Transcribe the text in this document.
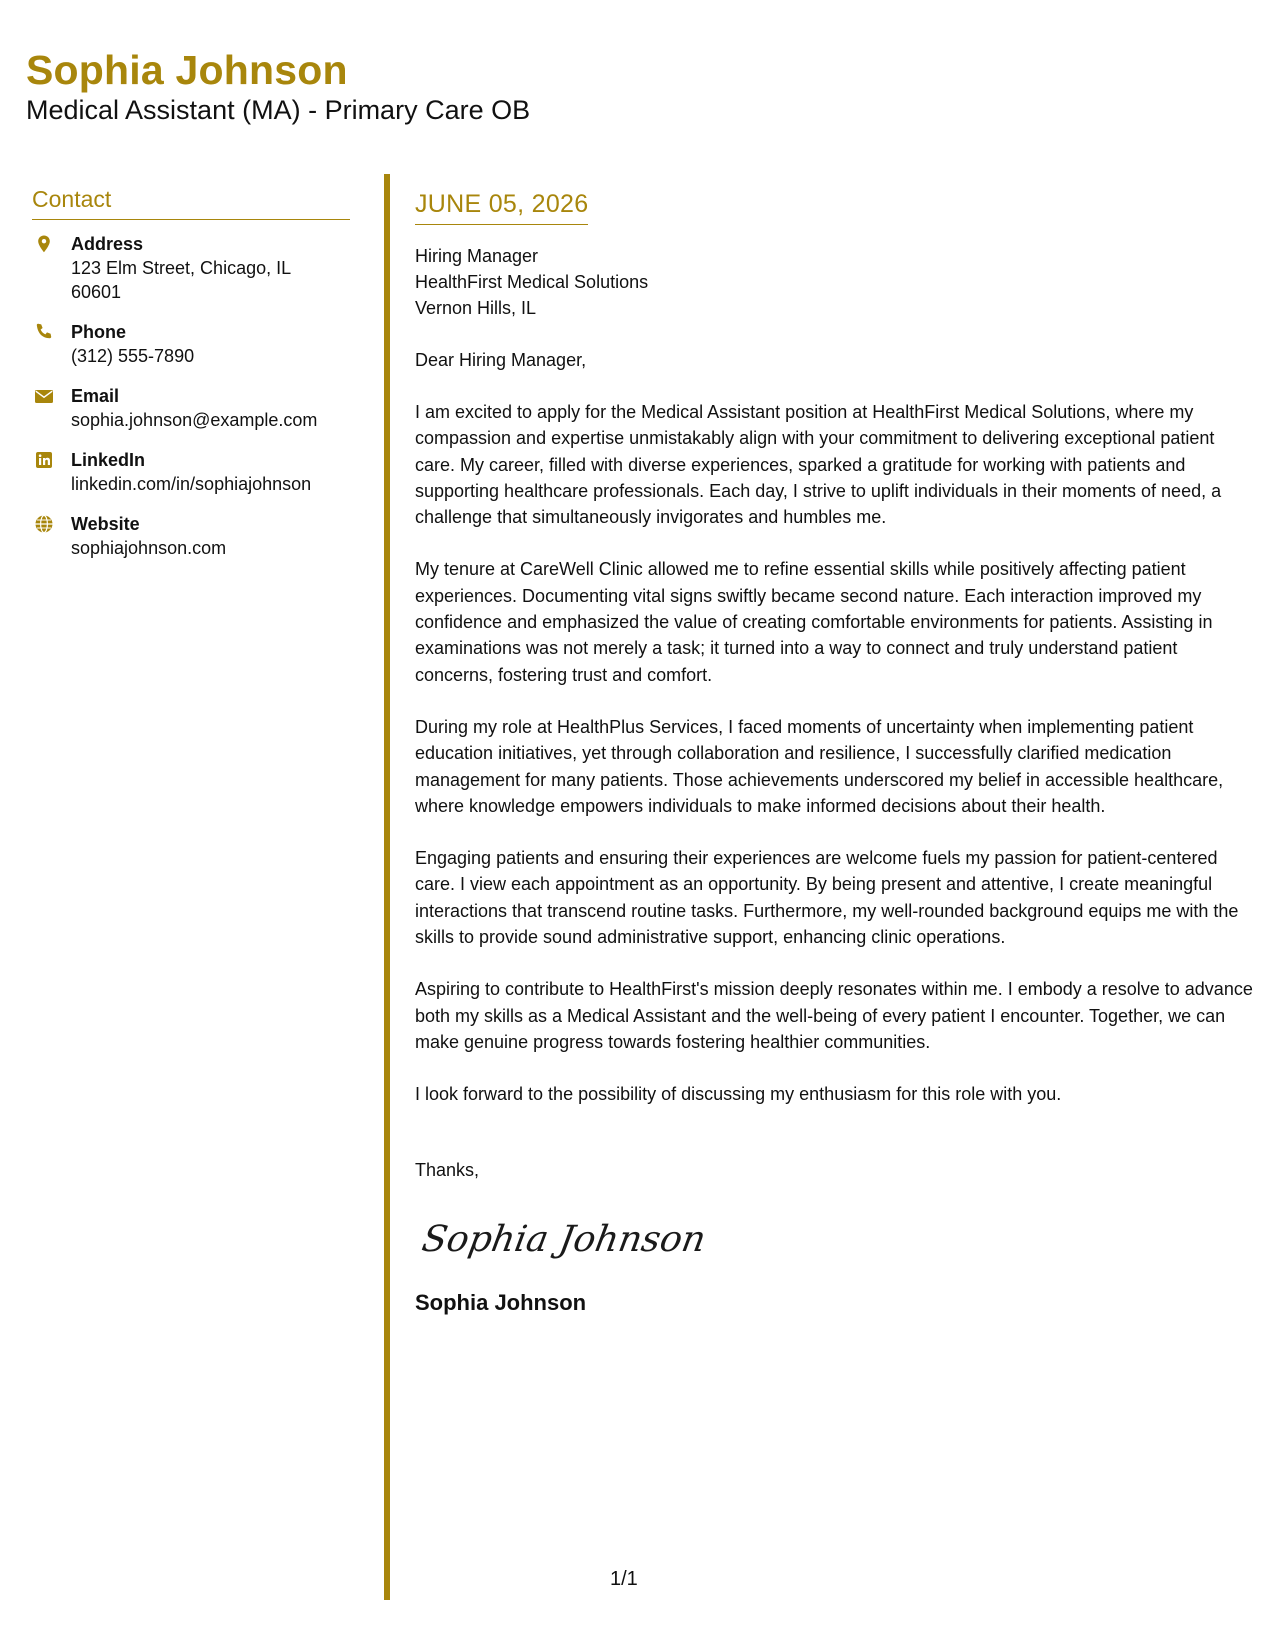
Sophia Johnson
Medical Assistant (MA) - Primary Care OB
Contact
Address
123 Elm Street, Chicago, IL 60601
Phone
(312) 555-7890
Email
sophia.johnson@example.com
LinkedIn
linkedin.com/in/sophiajohnson
Website
sophiajohnson.com
JUNE 05, 2026
Hiring Manager
HealthFirst Medical Solutions
Vernon Hills, IL
Dear Hiring Manager,

I am excited to apply for the Medical Assistant position at HealthFirst Medical Solutions, where my compassion and expertise unmistakably align with your commitment to delivering exceptional patient care. My career, filled with diverse experiences, sparked a gratitude for working with patients and supporting healthcare professionals. Each day, I strive to uplift individuals in their moments of need, a challenge that simultaneously invigorates and humbles me.

My tenure at CareWell Clinic allowed me to refine essential skills while positively affecting patient experiences. Documenting vital signs swiftly became second nature. Each interaction improved my confidence and emphasized the value of creating comfortable environments for patients. Assisting in examinations was not merely a task; it turned into a way to connect and truly understand patient concerns, fostering trust and comfort.

During my role at HealthPlus Services, I faced moments of uncertainty when implementing patient education initiatives, yet through collaboration and resilience, I successfully clarified medication management for many patients. Those achievements underscored my belief in accessible healthcare, where knowledge empowers individuals to make informed decisions about their health.

Engaging patients and ensuring their experiences are welcome fuels my passion for patient-centered care. I view each appointment as an opportunity. By being present and attentive, I create meaningful interactions that transcend routine tasks. Furthermore, my well-rounded background equips me with the skills to provide sound administrative support, enhancing clinic operations.

Aspiring to contribute to HealthFirst's mission deeply resonates within me. I embody a resolve to advance both my skills as a Medical Assistant and the well-being of every patient I encounter. Together, we can make genuine progress towards fostering healthier communities.

I look forward to the possibility of discussing my enthusiasm for this role with you.

Thanks,
Sophia Johnson
Sophia Johnson
1/1
